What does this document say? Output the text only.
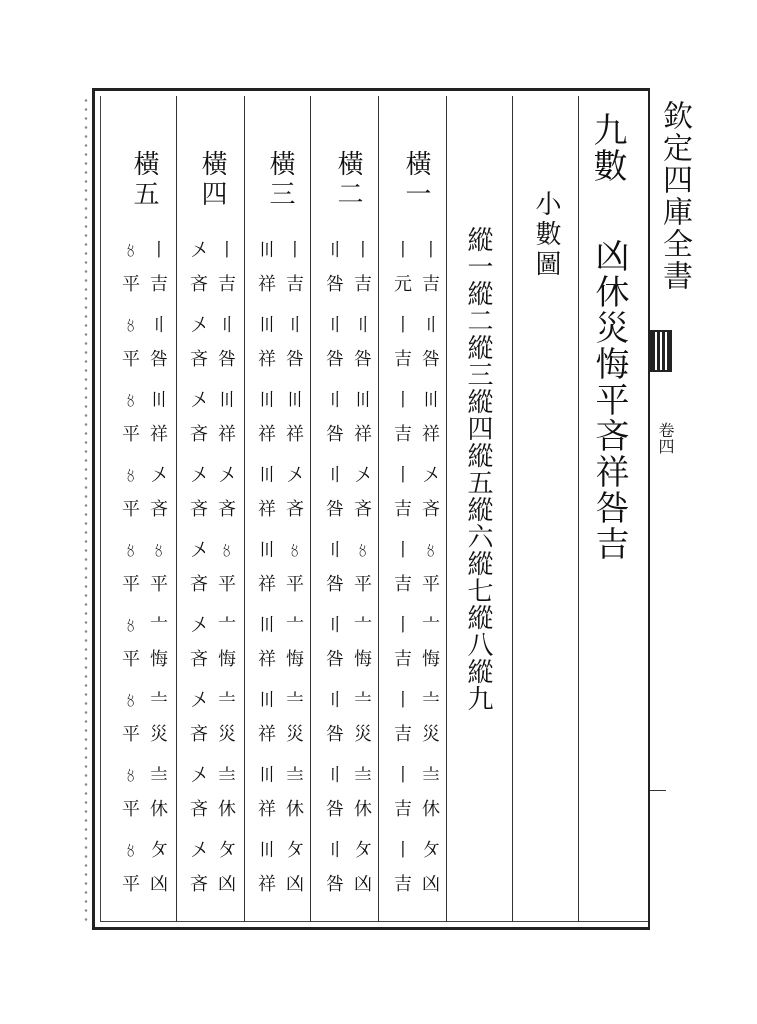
欽定四庫全書
卷四
九數
凶休災悔平吝祥咎吉
小數圖
縱一縱二縱三縱四縱五縱六縱七縱八縱九
橫一
橫二
橫三
橫四
橫五
丨
吉
〢
咎
〣
祥
〤
吝
〥
平
〦
悔
〧
災
〨
休
〩
凶
丨
元
丨
吉
丨
吉
丨
吉
丨
吉
丨
吉
丨
吉
丨
吉
丨
吉
丨
吉
〢
咎
〣
祥
〤
吝
〥
平
〦
悔
〧
災
〨
休
〩
凶
〢
咎
〢
咎
〢
咎
〢
咎
〢
咎
〢
咎
〢
咎
〢
咎
〢
咎
丨
吉
〢
咎
〣
祥
〤
吝
〥
平
〦
悔
〧
災
〨
休
〩
凶
〣
祥
〣
祥
〣
祥
〣
祥
〣
祥
〣
祥
〣
祥
〣
祥
〣
祥
丨
吉
〢
咎
〣
祥
〤
吝
〥
平
〦
悔
〧
災
〨
休
〩
凶
〤
吝
〤
吝
〤
吝
〤
吝
〤
吝
〤
吝
〤
吝
〤
吝
〤
吝
丨
吉
〢
咎
〣
祥
〤
吝
〥
平
〦
悔
〧
災
〨
休
〩
凶
〥
平
〥
平
〥
平
〥
平
〥
平
〥
平
〥
平
〥
平
〥
平
